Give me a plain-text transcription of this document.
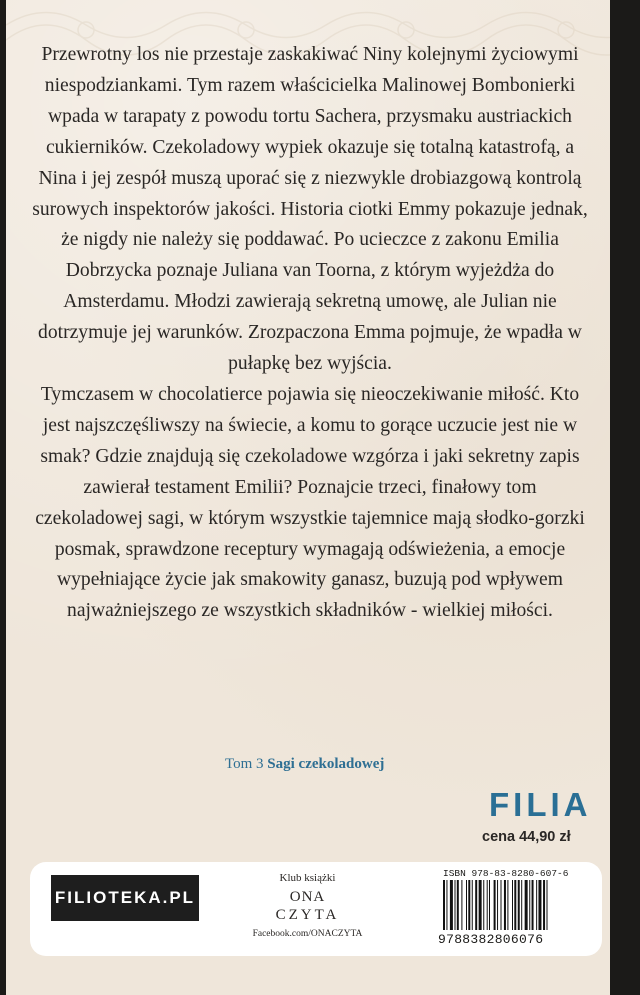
Przewrotny los nie przestaje zaskakiwać Niny kolejnymi życiowymi niespodziankami. Tym razem właścicielka Malinowej Bombonierki wpada w tarapaty z powodu tortu Sachera, przysmaku austriackich cukierników. Czekoladowy wypiek okazuje się totalną katastrofą, a Nina i jej zespół muszą uporać się z niezwykle drobiazgową kontrolą surowych inspektorów jakości. Historia ciotki Emmy pokazuje jednak, że nigdy nie należy się poddawać. Po ucieczce z zakonu Emilia Dobrzycka poznaje Juliana van Toorna, z którym wyjeżdża do Amsterdamu. Młodzi zawierają sekretną umowę, ale Julian nie dotrzymuje jej warunków. Zrozpaczona Emma pojmuje, że wpadła w pułapkę bez wyjścia.

Tymczasem w chocolatierce pojawia się nieoczekiwanie miłość. Kto jest najszczęśliwszy na świecie, a komu to gorące uczucie jest nie w smak? Gdzie znajdują się czekoladowe wzgórza i jaki sekretny zapis zawierał testament Emilii? Poznajcie trzeci, finałowy tom czekoladowej sagi, w którym wszystkie tajemnice mają słodko-gorzki posmak, sprawdzone receptury wymagają odświeżenia, a emocje wypełniające życie jak smakowity ganasz, buzują pod wpływem najważniejszego ze wszystkich składników - wielkiej miłości.

Tom 3 Sagi czekoladowej
FILIA
cena 44,90 zł
FILIOTEKA.PL
Klub książki
ONA
CZYTA
Facebook.com/ONACZYTA
ISBN 978-83-8280-607-6
9788382806076
